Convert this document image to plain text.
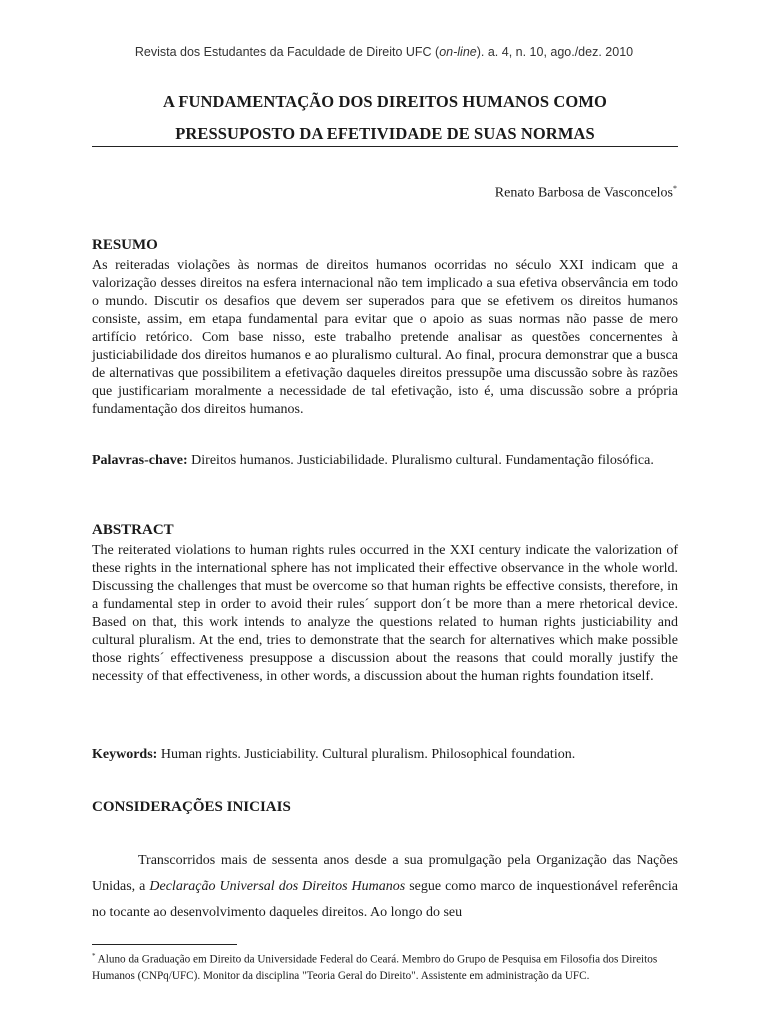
Revista dos Estudantes da Faculdade de Direito UFC (on-line). a. 4, n. 10, ago./dez. 2010
A FUNDAMENTAÇÃO DOS DIREITOS HUMANOS COMO
PRESSUPOSTO DA EFETIVIDADE DE SUAS NORMAS
Renato Barbosa de Vasconcelos*
RESUMO

As reiteradas violações às normas de direitos humanos ocorridas no século XXI indicam que a valorização desses direitos na esfera internacional não tem implicado a sua efetiva observância em todo o mundo. Discutir os desafios que devem ser superados para que se efetivem os direitos humanos consiste, assim, em etapa fundamental para evitar que o apoio as suas normas não passe de mero artifício retórico. Com base nisso, este trabalho pretende analisar as questões concernentes à justiciabilidade dos direitos humanos e ao pluralismo cultural. Ao final, procura demonstrar que a busca de alternativas que possibilitem a efetivação daqueles direitos pressupõe uma discussão sobre às razões que justificariam moralmente a necessidade de tal efetivação, isto é, uma discussão sobre a própria fundamentação dos direitos humanos.

Palavras-chave: Direitos humanos. Justiciabilidade. Pluralismo cultural. Fundamentação filosófica.

ABSTRACT

The reiterated violations to human rights rules occurred in the XXI century indicate the valorization of these rights in the international sphere has not implicated their effective observance in the whole world. Discussing the challenges that must be overcome so that human rights be effective consists, therefore, in a fundamental step in order to avoid their rules´ support don´t be more than a mere rhetorical device. Based on that, this work intends to analyze the questions related to human rights justiciability and cultural pluralism. At the end, tries to demonstrate that the search for alternatives which make possible those rights´ effectiveness presuppose a discussion about the reasons that could morally justify the necessity of that effectiveness, in other words, a discussion about the human rights foundation itself.

Keywords: Human rights. Justiciability. Cultural pluralism. Philosophical foundation.

CONSIDERAÇÕES INICIAIS

Transcorridos mais de sessenta anos desde a sua promulgação pela Organização das Nações Unidas, a Declaração Universal dos Direitos Humanos segue como marco de inquestionável referência no tocante ao desenvolvimento daqueles direitos. Ao longo do seu

* Aluno da Graduação em Direito da Universidade Federal do Ceará. Membro do Grupo de Pesquisa em Filosofia dos Direitos Humanos (CNPq/UFC). Monitor da disciplina "Teoria Geral do Direito". Assistente em administração da UFC.
